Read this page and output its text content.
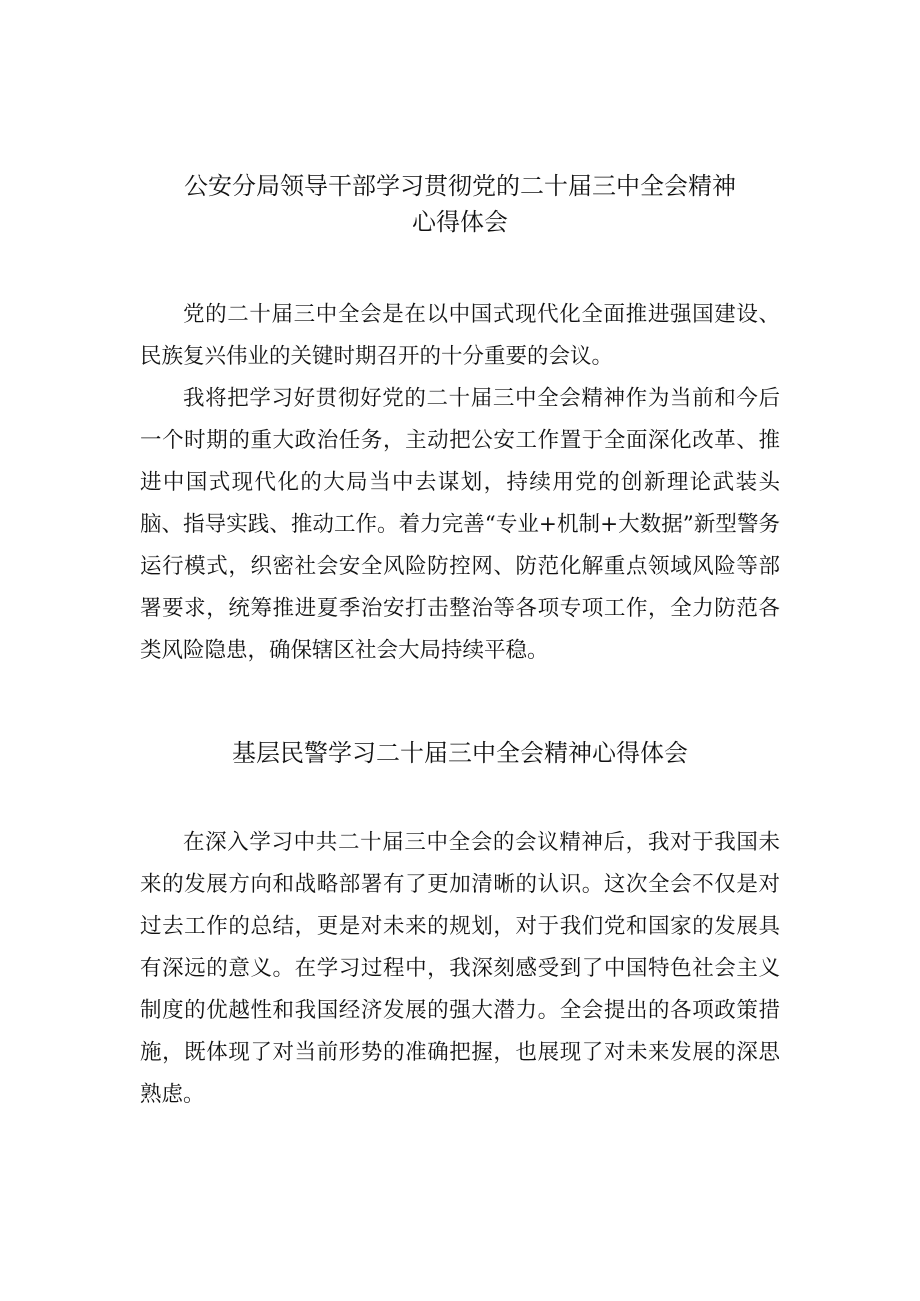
公安分局领导干部学习贯彻党的二十届三中全会精神
心得体会

党的二十届三中全会是在以中国式现代化全面推进强国建设、民族复兴伟业的关键时期召开的十分重要的会议。

我将把学习好贯彻好党的二十届三中全会精神作为当前和今后一个时期的重大政治任务，主动把公安工作置于全面深化改革、推进中国式现代化的大局当中去谋划，持续用党的创新理论武装头脑、指导实践、推动工作。着力完善“专业+机制+大数据”新型警务运行模式，织密社会安全风险防控网、防范化解重点领域风险等部署要求，统筹推进夏季治安打击整治等各项专项工作，全力防范各类风险隐患，确保辖区社会大局持续平稳。

基层民警学习二十届三中全会精神心得体会

在深入学习中共二十届三中全会的会议精神后，我对于我国未来的发展方向和战略部署有了更加清晰的认识。这次全会不仅是对过去工作的总结，更是对未来的规划，对于我们党和国家的发展具有深远的意义。在学习过程中，我深刻感受到了中国特色社会主义制度的优越性和我国经济发展的强大潜力。全会提出的各项政策措施，既体现了对当前形势的准确把握，也展现了对未来发展的深思熟虑。
